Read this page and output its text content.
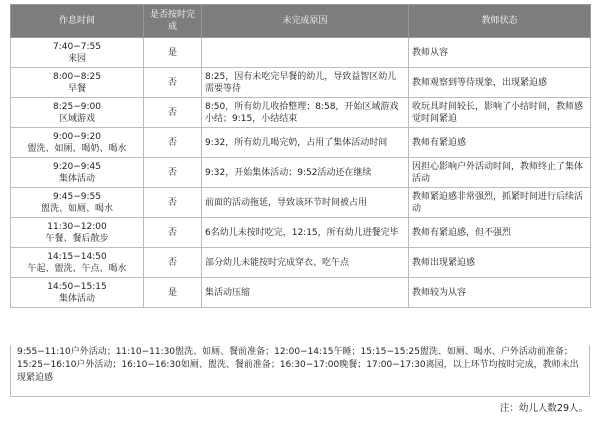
作息时间	是否按时完成	未完成原因	教师状态

7:40−7:55
来园	是		教师从容

8:00−8:25
早餐	否	8:25，因有未吃完早餐的幼儿，导致益智区幼儿需要等待	教师观察到等待现象，出现紧迫感

8:25−9:00
区域游戏	否	8:50，所有幼儿收拾整理；8:58，开始区域游戏小结；9:15，小结结束	收玩具时间较长，影响了小结时间，教师感觉时间紧迫

9:00−9:20
盥洗、如厕、喝奶、喝水	否	9:32，所有幼儿喝完奶，占用了集体活动时间	教师有紧迫感

9:20−9:45
集体活动	否	9:32，开始集体活动；9:52活动还在继续	因担心影响户外活动时间，教师终止了集体活动

9:45−9:55
盥洗、如厕、喝水	否	前面的活动拖延，导致该环节时间被占用	教师紧迫感非常强烈，抓紧时间进行后续活动

11:30−12:00
午餐、餐后散步	否	6名幼儿未按时吃完，12:15，所有幼儿进餐完毕	教师有紧迫感，但不强烈

14:15−14:50
午起、盥洗、午点、喝水	否	部分幼儿未能按时完成穿衣、吃午点	教师出现紧迫感

14:50−15:15
集体活动	是	集活动压缩	教师较为从容
9:55−11:10户外活动；11:10−11:30盥洗、如厕、餐前准备；12:00−14:15午睡；15:15−15:25盥洗、如厕、喝水、户外活动前准备；15:25−16:10户外活动；16:10−16:30如厕、盥洗、餐前准备；16:30−17:00晚餐；17:00−17:30离园，以上环节均按时完成，教师未出现紧迫感
注：幼儿人数29人。
